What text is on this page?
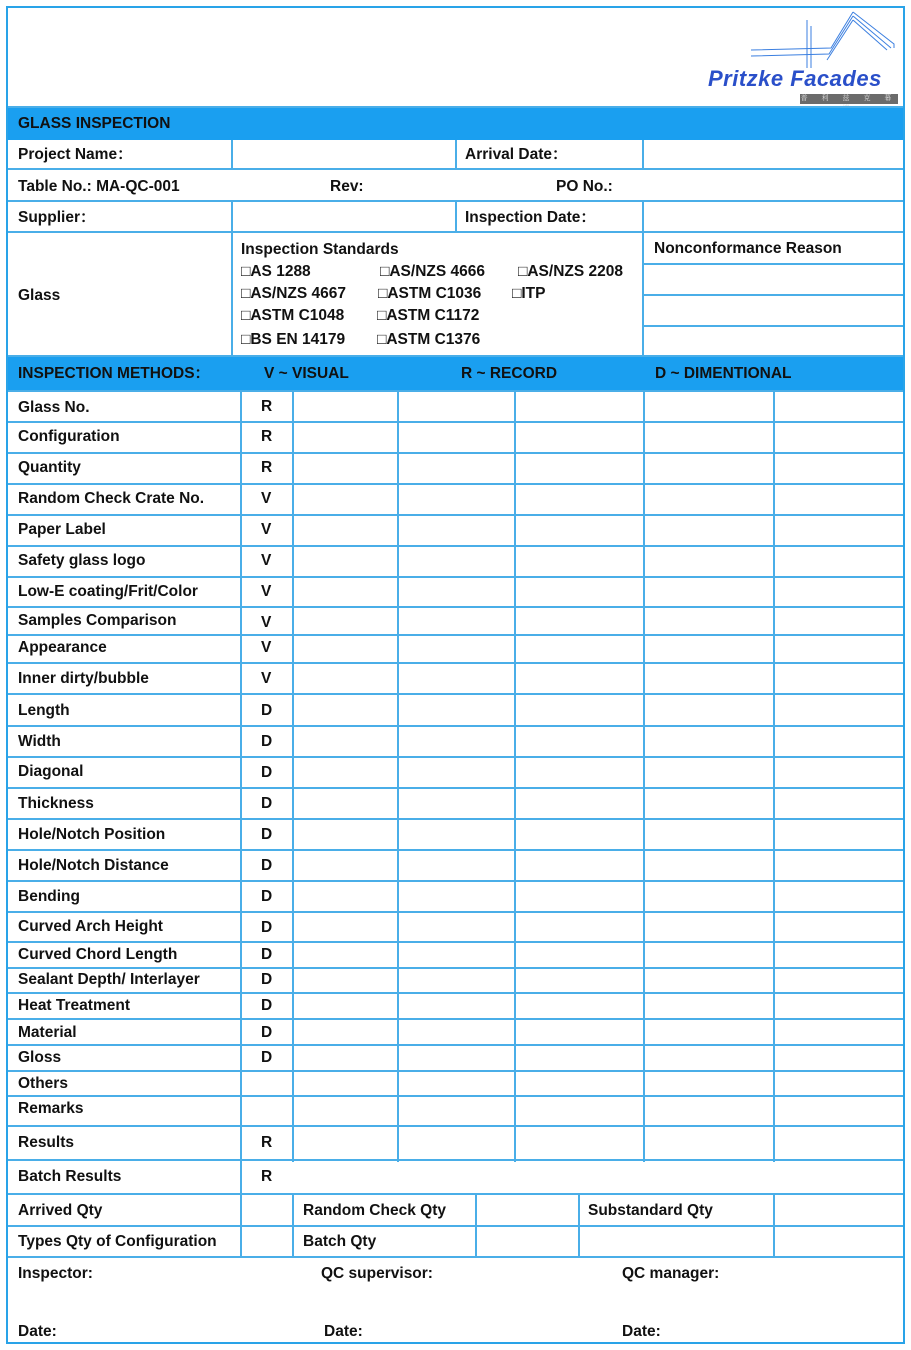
Pritzke Facades
普 利 兹 克 幕
GLASS INSPECTION
Project Name：	Arrival Date：
Table No.: MA-QC-001	Rev:	PO No.:
Supplier：	Inspection Date：
Glass
Inspection Standards
□AS 1288	□AS/NZS 4666 □AS/NZS 2208
□AS/NZS 4667 □ASTM C1036 □ITP
□ASTM C1048 □ASTM C1172
□BS EN 14179 □ASTM C1376
Nonconformance Reason
INSPECTION METHODS：	V ~ VISUAL	R ~ RECORD	D ~ DIMENTIONAL
Glass No.	R
Configuration	R
Quantity	R
Random Check Crate No.	V
Paper Label	V
Safety glass logo	V
Low-E coating/Frit/Color	V
Samples Comparison	V
Appearance	V
Inner dirty/bubble	V
Length	D
Width	D
Diagonal	D
Thickness	D
Hole/Notch Position	D
Hole/Notch Distance	D
Bending	D
Curved Arch Height	D
Curved Chord Length	D
Sealant Depth/ Interlayer	D
Heat Treatment	D
Material	D
Gloss	D
Others
Remarks
Results	R
Batch Results	R
Arrived Qty	Random Check Qty	Substandard Qty
Types Qty of Configuration	Batch Qty
Inspector:	QC supervisor:	QC manager:
Date:	Date:	Date:
